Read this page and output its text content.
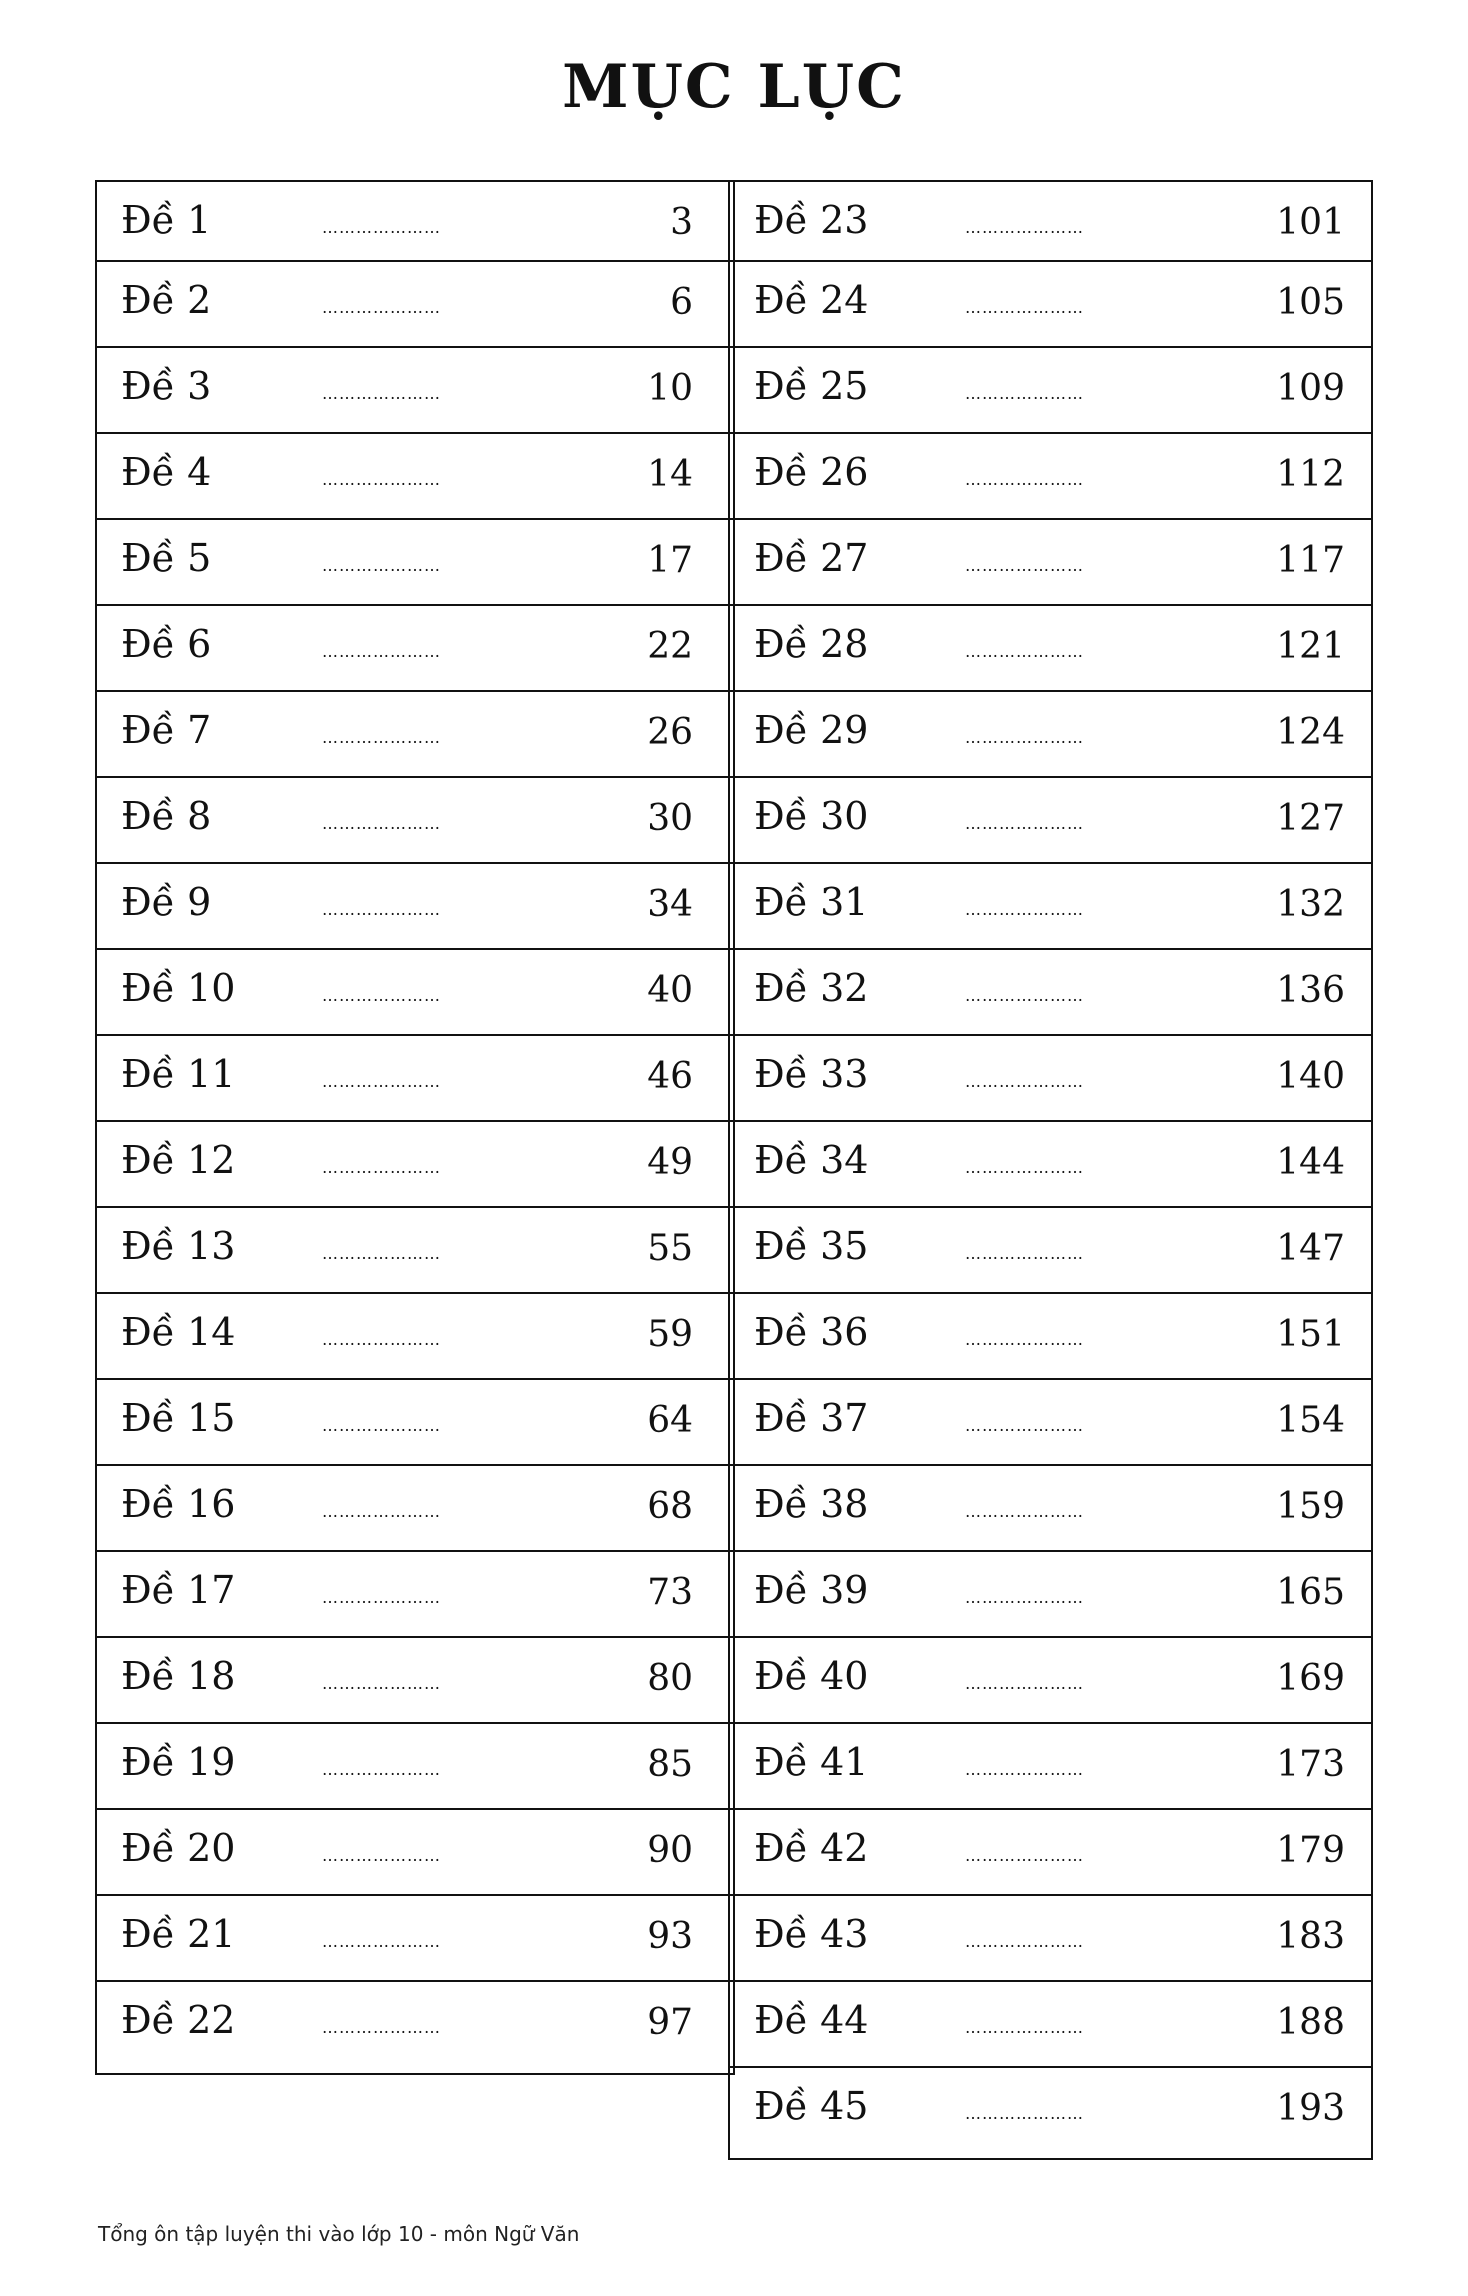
MỤC LỤC
Đề 1	…………………	3
Đề 2	…………………	6
Đề 3	…………………	10
Đề 4	…………………	14
Đề 5	…………………	17
Đề 6	…………………	22
Đề 7	…………………	26
Đề 8	…………………	30
Đề 9	…………………	34
Đề 10	…………………	40
Đề 11	…………………	46
Đề 12	…………………	49
Đề 13	…………………	55
Đề 14	…………………	59
Đề 15	…………………	64
Đề 16	…………………	68
Đề 17	…………………	73
Đề 18	…………………	80
Đề 19	…………………	85
Đề 20	…………………	90
Đề 21	…………………	93
Đề 22	…………………	97
Đề 23	…………………	101
Đề 24	…………………	105
Đề 25	…………………	109
Đề 26	…………………	112
Đề 27	…………………	117
Đề 28	…………………	121
Đề 29	…………………	124
Đề 30	…………………	127
Đề 31	…………………	132
Đề 32	…………………	136
Đề 33	…………………	140
Đề 34	…………………	144
Đề 35	…………………	147
Đề 36	…………………	151
Đề 37	…………………	154
Đề 38	…………………	159
Đề 39	…………………	165
Đề 40	…………………	169
Đề 41	…………………	173
Đề 42	…………………	179
Đề 43	…………………	183
Đề 44	…………………	188
Đề 45	…………………	193
Tổng ôn tập luyện thi vào lớp 10 - môn Ngữ Văn
